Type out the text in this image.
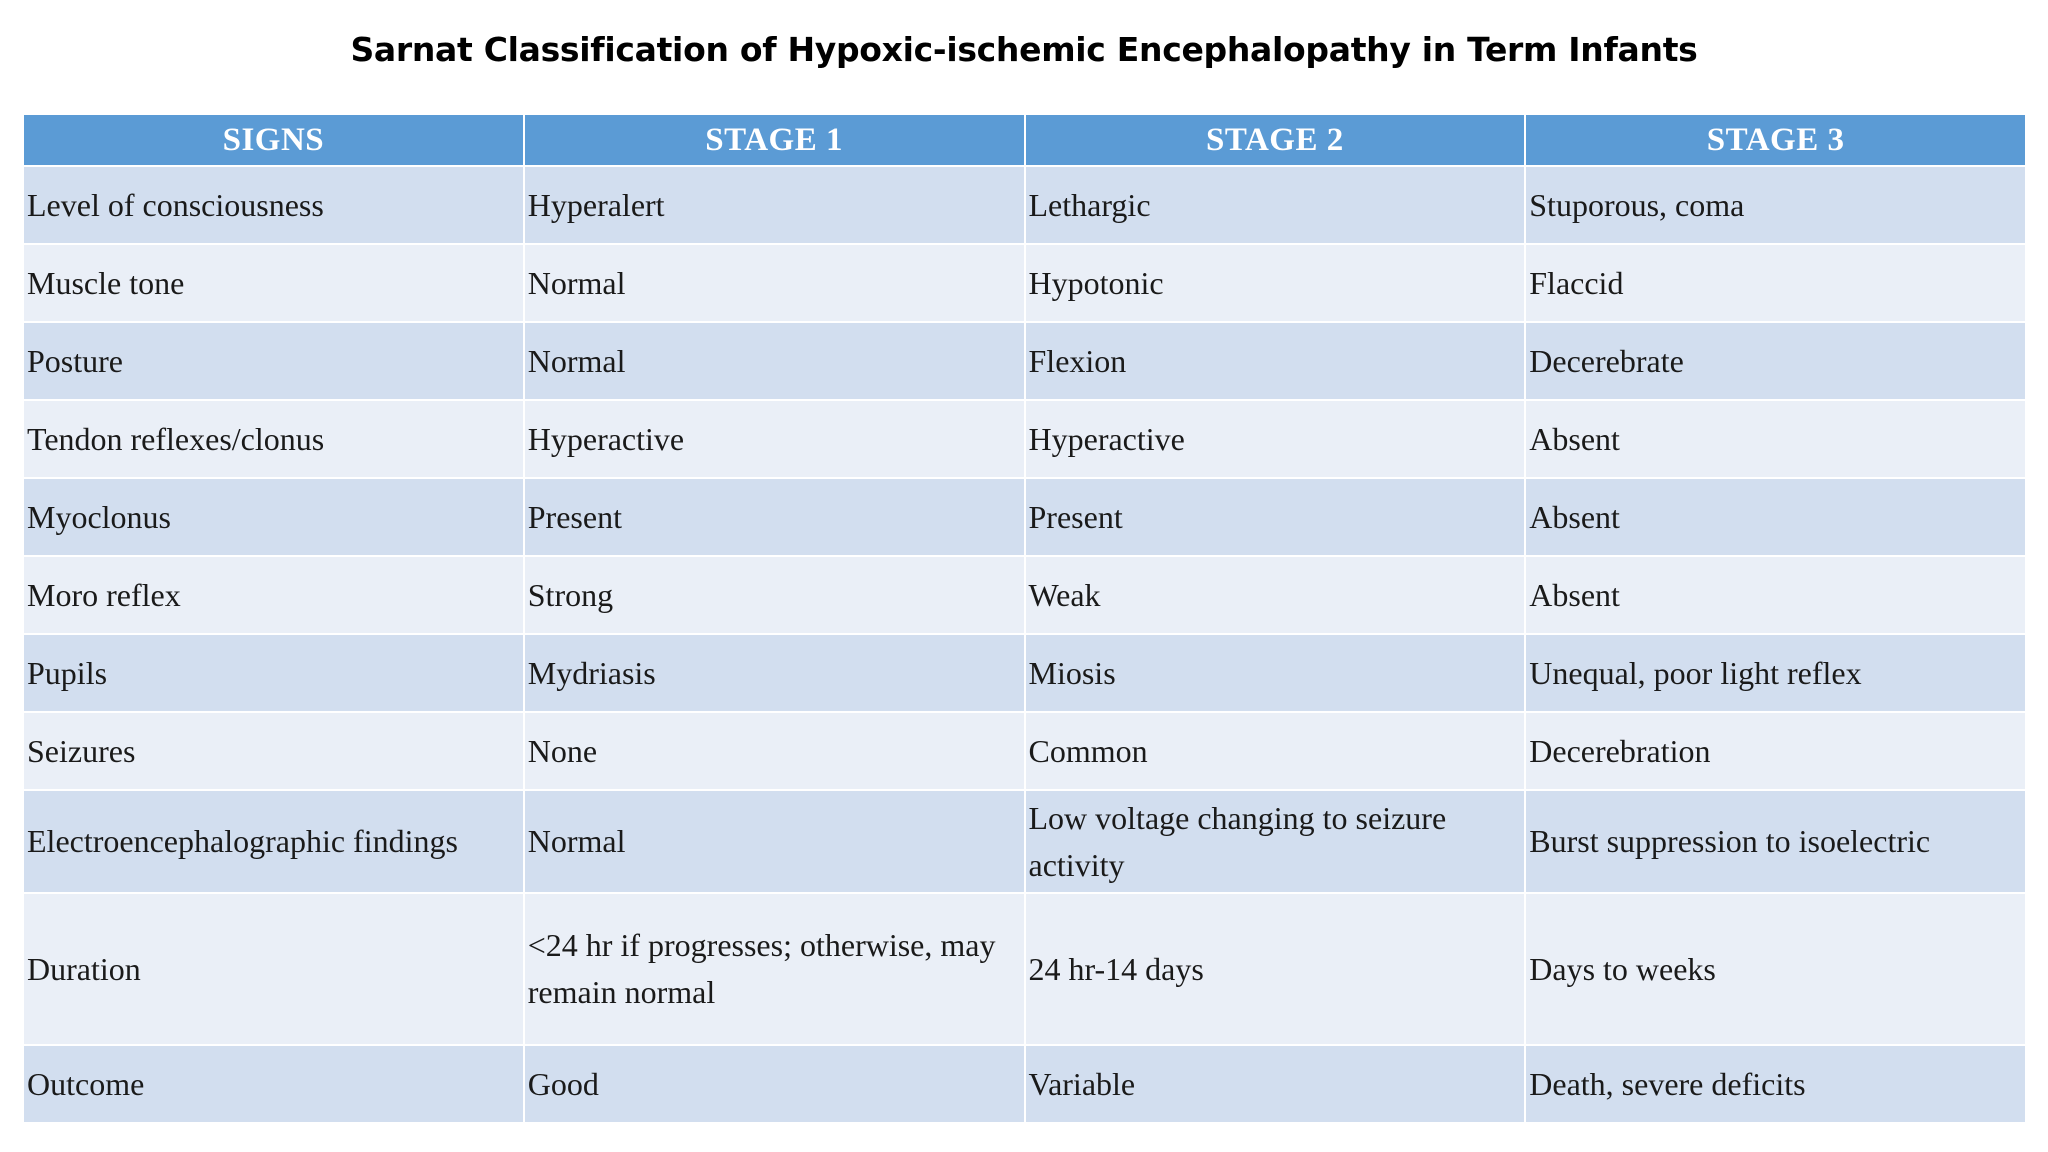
Sarnat Classification of Hypoxic-ischemic Encephalopathy in Term Infants
SIGNS	STAGE 1	STAGE 2	STAGE 3
Level of consciousness	Hyperalert	Lethargic	Stuporous, coma
Muscle tone	Normal	Hypotonic	Flaccid
Posture	Normal	Flexion	Decerebrate
Tendon reflexes/clonus	Hyperactive	Hyperactive	Absent
Myoclonus	Present	Present	Absent
Moro reflex	Strong	Weak	Absent
Pupils	Mydriasis	Miosis	Unequal, poor light reflex
Seizures	None	Common	Decerebration
Electroencephalographic findings	Normal	Low voltage changing to seizure activity	Burst suppression to isoelectric
Duration	<24 hr if progresses; otherwise, may remain normal	24 hr-14 days	Days to weeks
Outcome	Good	Variable	Death, severe deficits
